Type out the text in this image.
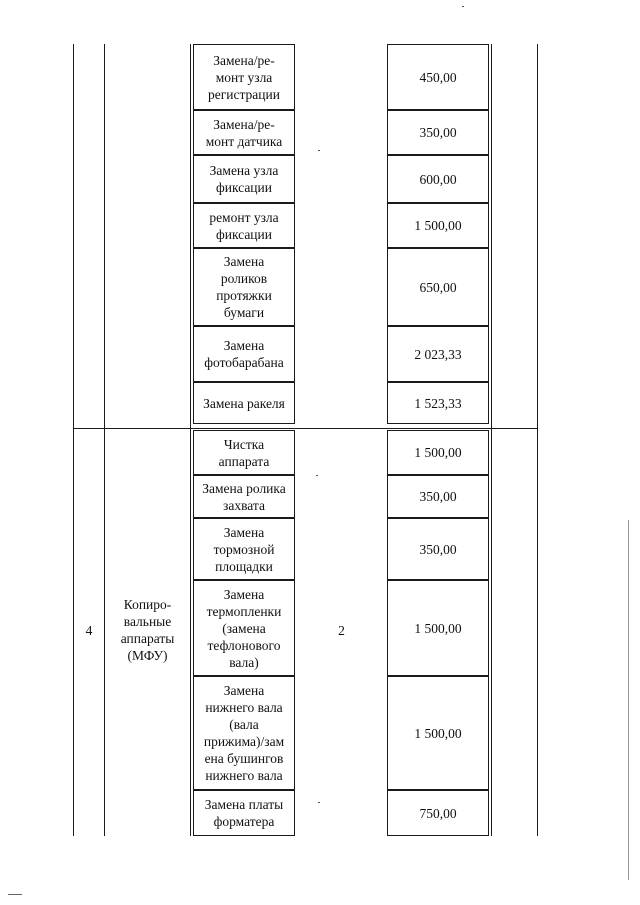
Замена/ре-
монт узла
регистрации
450,00
Замена/ре-
монт датчика
350,00
Замена узла
фиксации
600,00
ремонт узла
фиксации
1 500,00
Замена
роликов
протяжки
бумаги
650,00
Замена
фотобарабана
2 023,33
Замена ракеля	1 523,33
4
Копиро-
вальные
аппараты
(МФУ)
2
Чистка
аппарата
1 500,00
Замена ролика
захвата
350,00
Замена
тормозной
площадки
350,00
Замена
термопленки
(замена
тефлонового
вала)
1 500,00
Замена
нижнего вала
(вала
прижима)/зам
ена бушингов
нижнего вала
1 500,00
Замена платы
форматера
750,00
